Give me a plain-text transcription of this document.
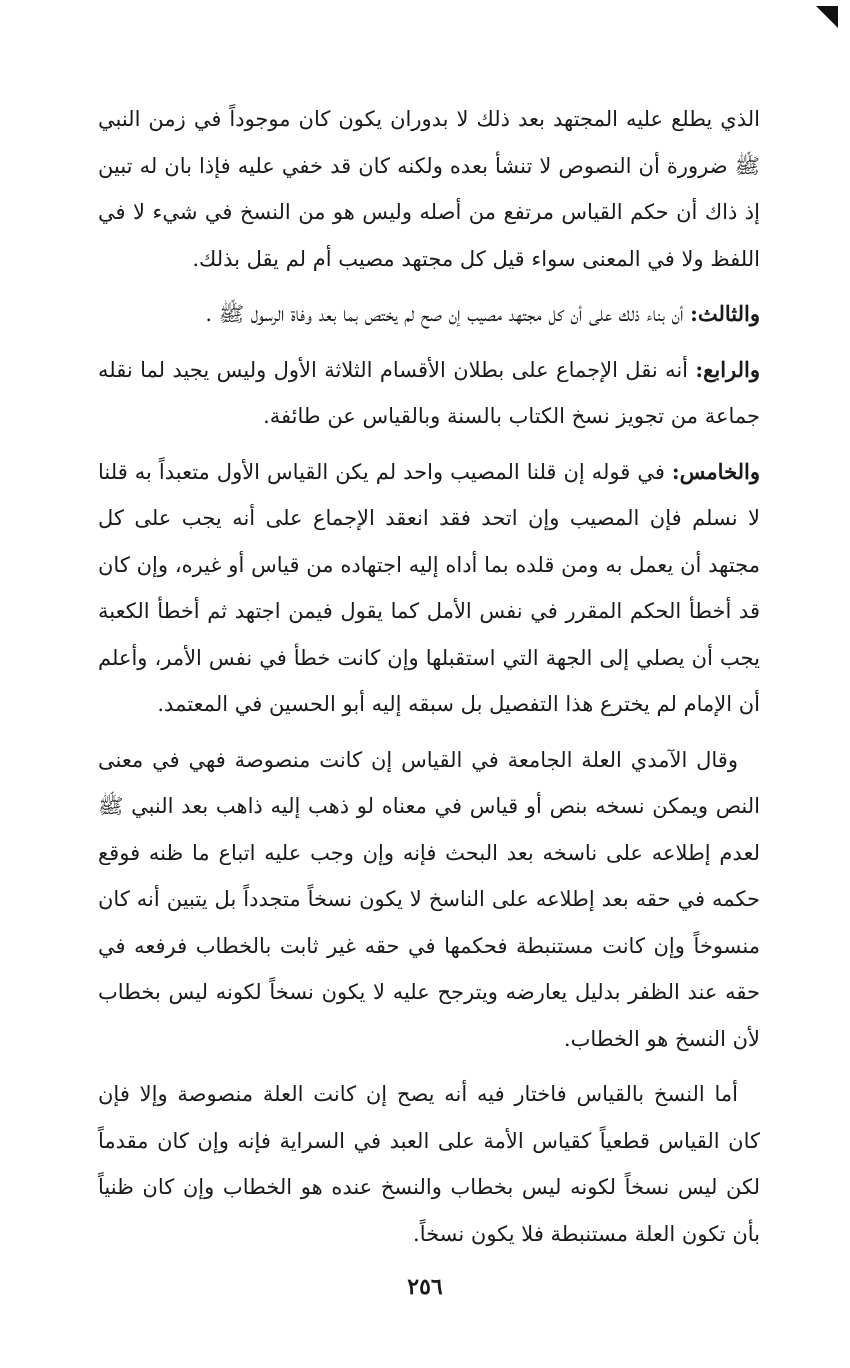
الذي يطلع عليه المجتهد بعد ذلك لا بدوران يكون كان موجوداً في زمن النبي ﷺ ضرورة أن النصوص لا تنشأ بعده ولكنه كان قد خفي عليه فإذا بان له تبين إذ ذاك أن حكم القياس مرتفع من أصله وليس هو من النسخ في شيء لا في اللفظ ولا في المعنى سواء قيل كل مجتهد مصيب أم لم يقل بذلك.

والثالث: أن بناء ذلك على أن كل مجتهد مصيب إن صح لم يختص بما بعد وفاة الرسول ﷺ .

والرابع: أنه نقل الإجماع على بطلان الأقسام الثلاثة الأول وليس يجيد لما نقله جماعة من تجويز نسخ الكتاب بالسنة وبالقياس عن طائفة.

والخامس: في قوله إن قلنا المصيب واحد لم يكن القياس الأول متعبداً به قلنا لا نسلم فإن المصيب وإن اتحد فقد انعقد الإجماع على أنه يجب على كل مجتهد أن يعمل به ومن قلده بما أداه إليه اجتهاده من قياس أو غيره، وإن كان قد أخطأ الحكم المقرر في نفس الأمل كما يقول فيمن اجتهد ثم أخطأ الكعبة يجب أن يصلي إلى الجهة التي استقبلها وإن كانت خطأ في نفس الأمر، وأعلم أن الإمام لم يخترع هذا التفصيل بل سبقه إليه أبو الحسين في المعتمد.

وقال الآمدي العلة الجامعة في القياس إن كانت منصوصة فهي في معنى النص ويمكن نسخه بنص أو قياس في معناه لو ذهب إليه ذاهب بعد النبي ﷺ لعدم إطلاعه على ناسخه بعد البحث فإنه وإن وجب عليه اتباع ما ظنه فوقع حكمه في حقه بعد إطلاعه على الناسخ لا يكون نسخاً متجدداً بل يتبين أنه كان منسوخاً وإن كانت مستنبطة فحكمها في حقه غير ثابت بالخطاب فرفعه في حقه عند الظفر بدليل يعارضه ويترجح عليه لا يكون نسخاً لكونه ليس بخطاب لأن النسخ هو الخطاب.

أما النسخ بالقياس فاختار فيه أنه يصح إن كانت العلة منصوصة وإلا فإن كان القياس قطعياً كقياس الأمة على العبد في السراية فإنه وإن كان مقدماً لكن ليس نسخاً لكونه ليس بخطاب والنسخ عنده هو الخطاب وإن كان ظنياً بأن تكون العلة مستنبطة فلا يكون نسخاً.

٢٥٦
